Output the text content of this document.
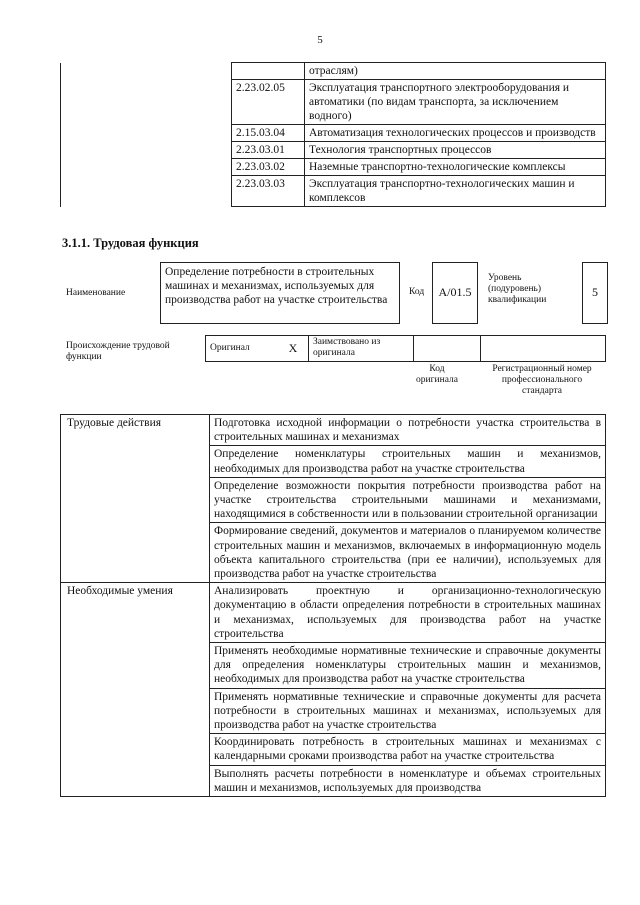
5
		отраслям)
	2.23.02.05	Эксплуатация транспортного электрооборудования и автоматики (по видам транспорта, за исключением водного)
	2.15.03.04	Автоматизация технологических процессов и производств
	2.23.03.01	Технология транспортных процессов
	2.23.03.02	Наземные транспортно-технологические комплексы
	2.23.03.03	Эксплуатация транспортно-технологических машин и комплексов
3.1.1. Трудовая функция
Наименование
Определение потребности в строительных машинах и механизмах, используемых для производства работ на участке строительства
Код	A/01.5
Уровень (подуровень) квалификации
5
Происхождение трудовой функции
Оригинал	X	Заимствовано из оригинала		
Код оригинала
Регистрационный номер профессионального стандарта
Трудовые действия	Подготовка исходной информации о потребности участка строительства в строительных машинах и механизмах
	Определение номенклатуры строительных машин и механизмов, необходимых для производства работ на участке строительства
	Определение возможности покрытия потребности производства работ на участке строительства строительными машинами и механизмами, находящимися в собственности или в пользовании строительной организации
	Формирование сведений, документов и материалов о планируемом количестве строительных машин и механизмов, включаемых в информационную модель объекта капитального строительства (при ее наличии), используемых для производства работ на участке строительства
Необходимые умения	Анализировать проектную и организационно-технологическую документацию в области определения потребности в строительных машинах и механизмах, используемых для производства работ на участке строительства
	Применять необходимые нормативные технические и справочные документы для определения номенклатуры строительных машин и механизмов, необходимых для производства работ на участке строительства
	Применять нормативные технические и справочные документы для расчета потребности в строительных машинах и механизмах, используемых для производства работ на участке строительства
	Координировать потребность в строительных машинах и механизмах с календарными сроками производства работ на участке строительства
	Выполнять расчеты потребности в номенклатуре и объемах строительных машин и механизмов, используемых для производства
